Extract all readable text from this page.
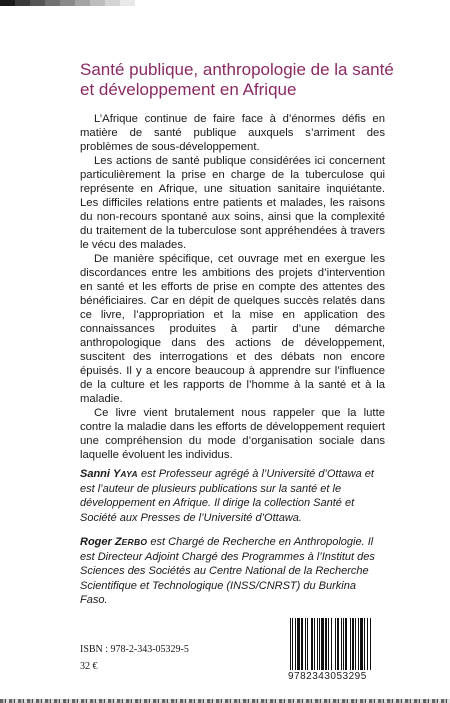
Santé publique, anthropologie de la santé
et développement en Afrique

L’Afrique continue de faire face à d’énormes défis en matière de santé publique auxquels s’arriment des problèmes de sous-développement.

Les actions de santé publique considérées ici concernent particulièrement la prise en charge de la tuberculose qui représente en Afrique, une situation sanitaire inquiétante. Les difficiles relations entre patients et malades, les raisons du non-recours spontané aux soins, ainsi que la complexité du traitement de la tuberculose sont appréhendées à travers le vécu des malades.

De manière spécifique, cet ouvrage met en exergue les discordances entre les ambitions des projets d’intervention en santé et les efforts de prise en compte des attentes des bénéficiaires. Car en dépit de quelques succès relatés dans ce livre, l’appropriation et la mise en application des connaissances produites à partir d’une démarche anthropologique dans des actions de développement, suscitent des interrogations et des débats non encore épuisés. Il y a encore beaucoup à apprendre sur l’influence de la culture et les rapports de l’homme à la santé et à la maladie.

Ce livre vient brutalement nous rappeler que la lutte contre la maladie dans les efforts de développement requiert une compréhension du mode d’organisation sociale dans laquelle évoluent les individus.

Sanni YAYA est Professeur agrégé à l’Université d’Ottawa et est l’auteur de plusieurs publications sur la santé et le développement en Afrique. Il dirige la collection Santé et Société aux Presses de l’Université d’Ottawa.

Roger ZERBO est Chargé de Recherche en Anthropologie. Il est Directeur Adjoint Chargé des Programmes à l’Institut des Sciences des Sociétés au Centre National de la Recherche Scientifique et Technologique (INSS/CNRST) du Burkina Faso.

ISBN : 978-2-343-05329-5
32 €
9782343053295
